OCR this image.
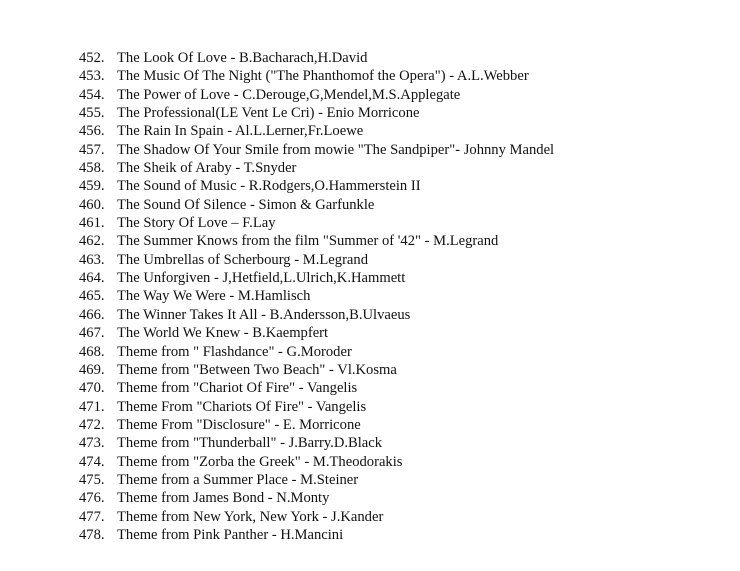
452. The Look Of Love - B.Bacharach,H.David
453. The Music Of The Night ("The Phanthomof the Opera") - A.L.Webber
454. The Power of Love - C.Derouge,G,Mendel,M.S.Applegate
455. The Professional(LE Vent Le Cri) - Enio Morricone
456. The Rain In Spain - Al.L.Lerner,Fr.Loewe
457. The Shadow Of Your Smile from mowie "The Sandpiper"- Johnny Mandel
458. The Sheik of Araby - T.Snyder
459. The Sound of Music - R.Rodgers,O.Hammerstein II
460. The Sound Of Silence - Simon & Garfunkle
461. The Story Of Love – F.Lay
462. The Summer Knows from the film "Summer of '42" - M.Legrand
463. The Umbrellas of Scherbourg - M.Legrand
464. The Unforgiven - J,Hetfield,L.Ulrich,K.Hammett
465. The Way We Were - M.Hamlisch
466. The Winner Takes It All - B.Andersson,B.Ulvaeus
467. The World We Knew - B.Kaempfert
468. Theme from " Flashdance" - G.Moroder
469. Theme from "Between Two Beach" - Vl.Kosma
470. Theme from "Chariot Of Fire" - Vangelis
471. Theme From "Chariots Of Fire" - Vangelis
472. Theme From "Disclosure" - E. Morricone
473. Theme from "Thunderball" - J.Barry.D.Black
474. Theme from "Zorba the Greek" - M.Theodorakis
475. Theme from a Summer Place - M.Steiner
476. Theme from James Bond - N.Monty
477. Theme from New York, New York - J.Kander
478. Theme from Pink Panther - H.Mancini
